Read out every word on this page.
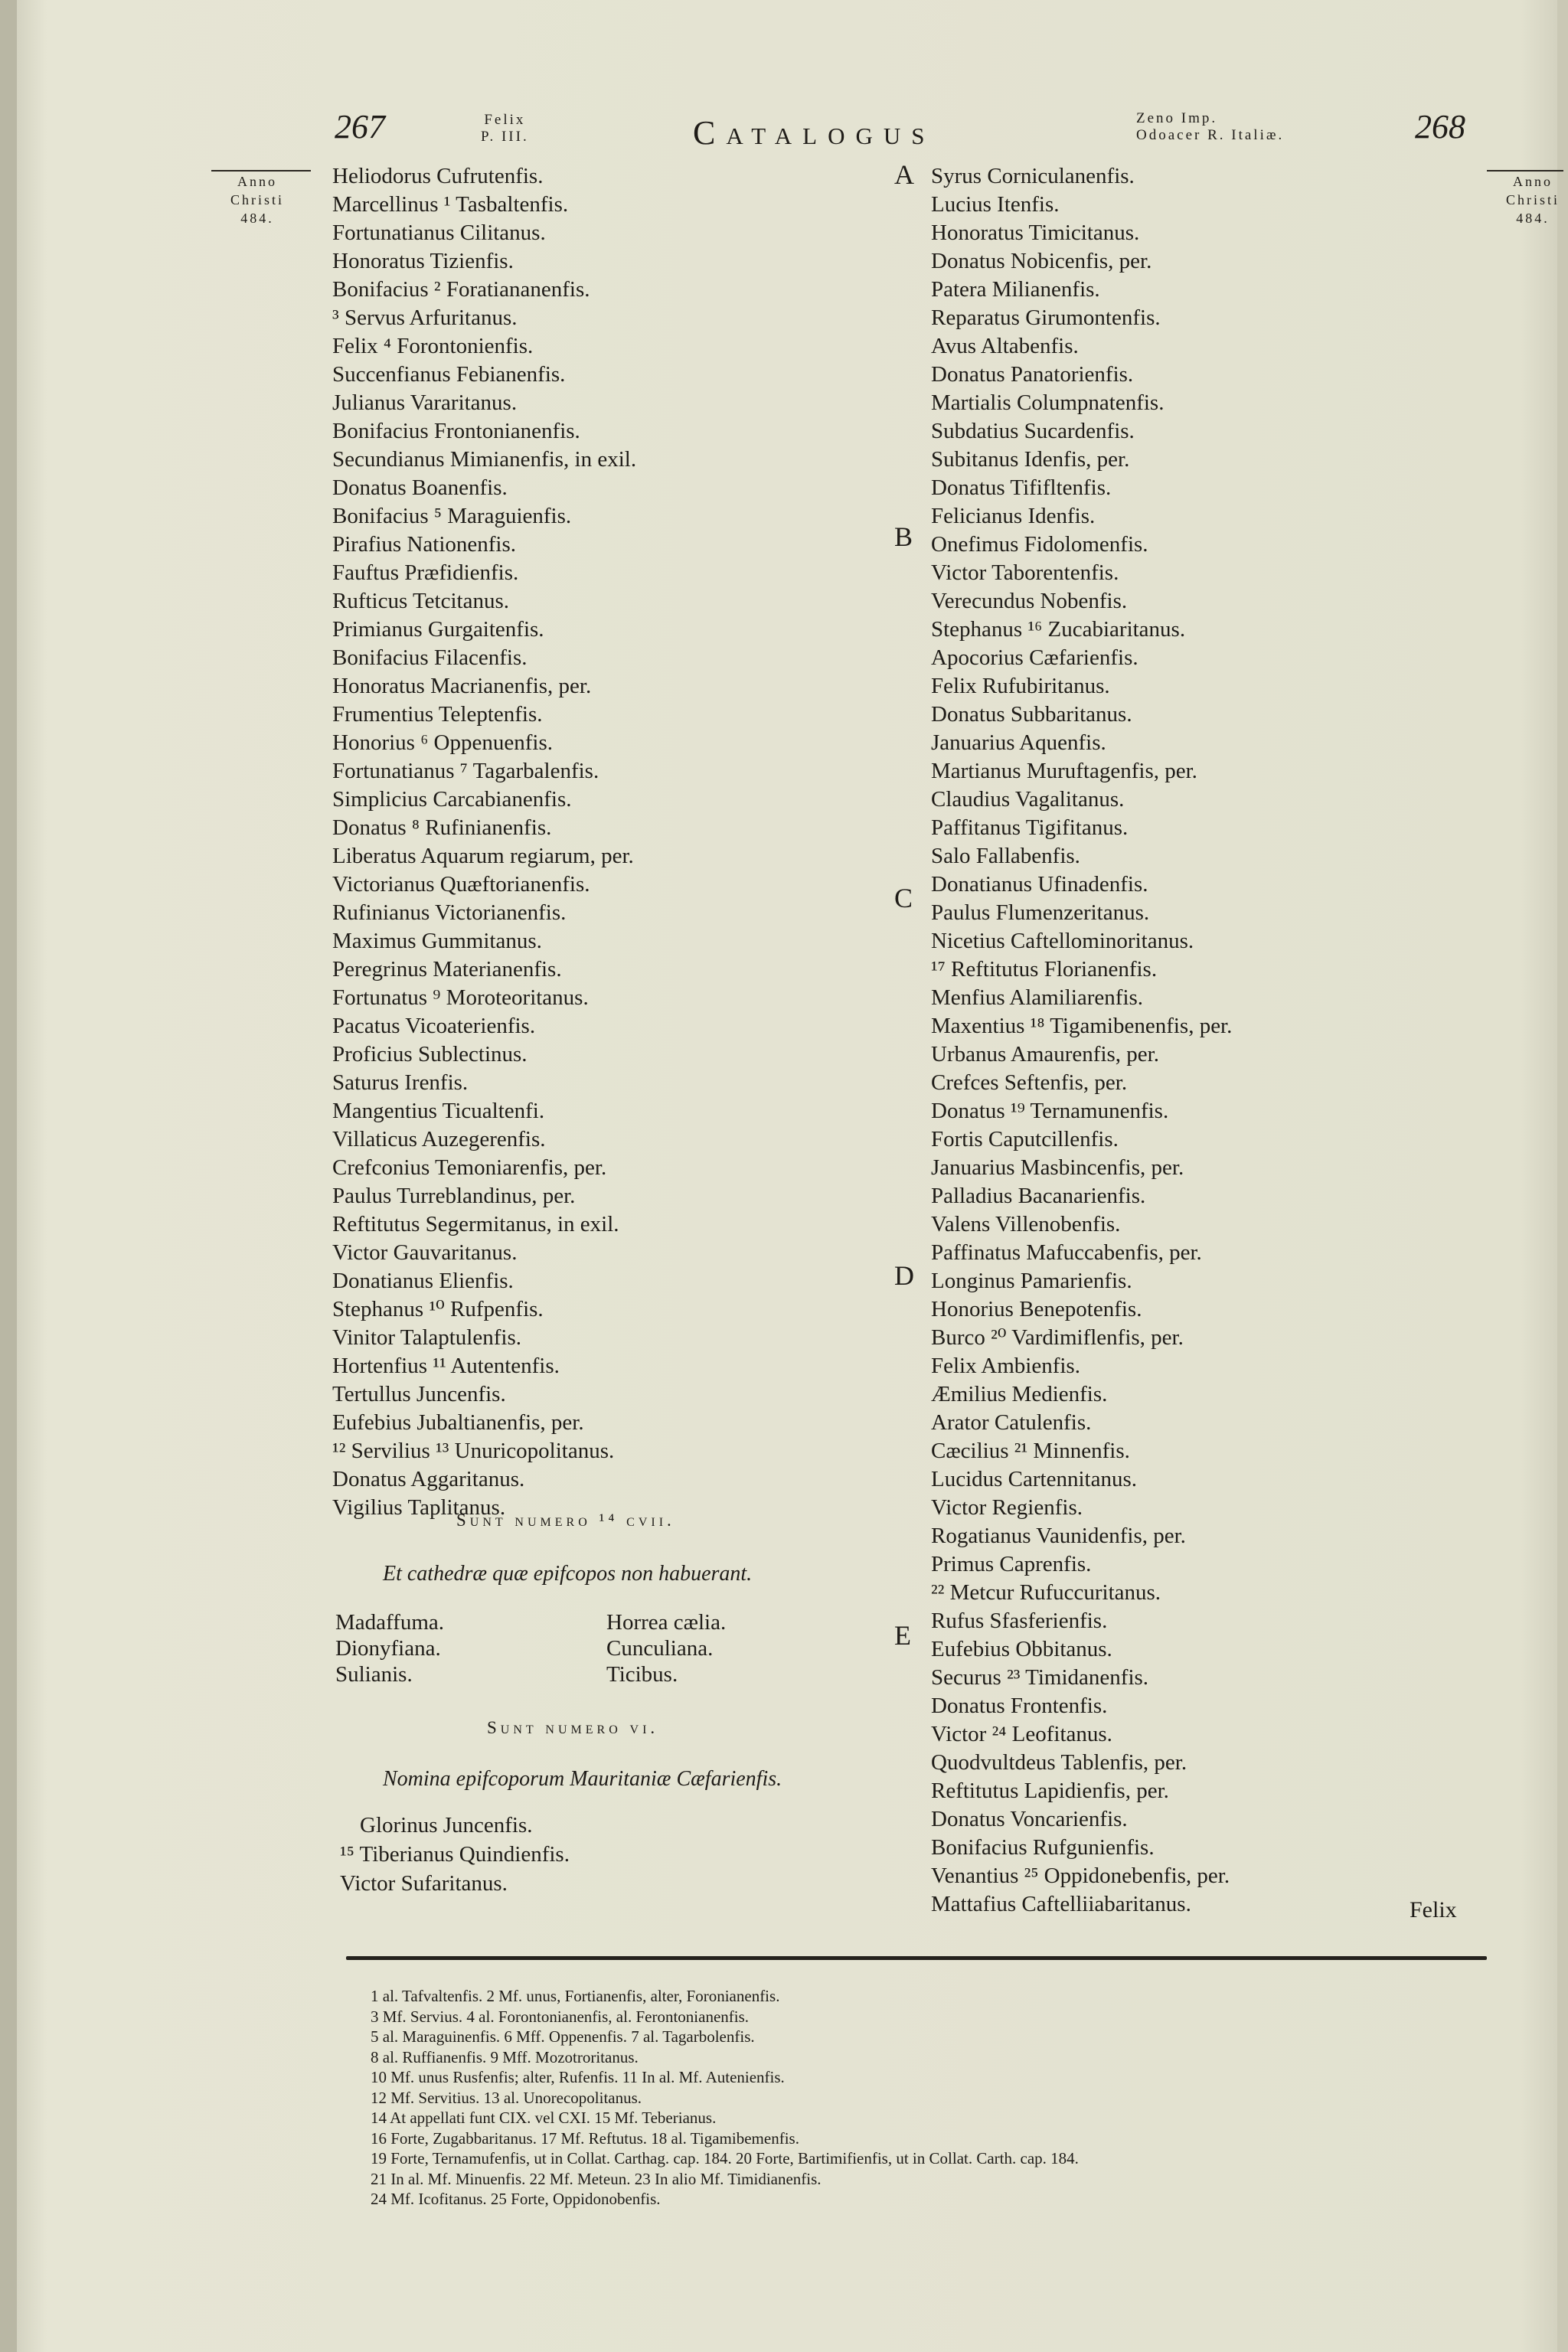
267	Felix
P. III.	Catalogus	Zeno Imp.
Odoacer R. Italiæ.	268
Anno
Christi
484.
Anno
Christi
484.
Heliodorus Cufrutenfis.
Marcellinus ¹ Tasbaltenfis.
Fortunatianus Cilitanus.
Honoratus Tizienfis.
Bonifacius ² Foratiananenfis.
³ Servus Arfuritanus.
Felix ⁴ Forontonienfis.
Succenfianus Febianenfis.
Julianus Vararitanus.
Bonifacius Frontonianenfis.
Secundianus Mimianenfis, in exil.
Donatus Boanenfis.
Bonifacius ⁵ Maraguienfis.
Pirafius Nationenfis.
Fauftus Præfidienfis.
Rufticus Tetcitanus.
Primianus Gurgaitenfis.
Bonifacius Filacenfis.
Honoratus Macrianenfis, per.
Frumentius Teleptenfis.
Honorius ⁶ Oppenuenfis.
Fortunatianus ⁷ Tagarbalenfis.
Simplicius Carcabianenfis.
Donatus ⁸ Rufinianenfis.
Liberatus Aquarum regiarum, per.
Victorianus Quæftorianenfis.
Rufinianus Victorianenfis.
Maximus Gummitanus.
Peregrinus Materianenfis.
Fortunatus ⁹ Moroteoritanus.
Pacatus Vicoaterienfis.
Proficius Sublectinus.
Saturus Irenfis.
Mangentius Ticualtenfi.
Villaticus Auzegerenfis.
Crefconius Temoniarenfis, per.
Paulus Turreblandinus, per.
Reftitutus Segermitanus, in exil.
Victor Gauvaritanus.
Donatianus Elienfis.
Stephanus ¹⁰ Rufpenfis.
Vinitor Talaptulenfis.
Hortenfius ¹¹ Autentenfis.
Tertullus Juncenfis.
Eufebius Jubaltianenfis, per.
¹² Servilius ¹³ Unuricopolitanus.
Donatus Aggaritanus.
Vigilius Taplitanus.
Sunt numero ¹⁴ cvii.
Et cathedræ quæ epifcopos non habuerant.
Madaffuma.
Dionyfiana.
Sulianis.
Horrea cælia.
Cunculiana.
Ticibus.
Sunt numero vi.
Nomina epifcoporum Mauritaniæ Cæfarienfis.
Glorinus Juncenfis.
¹⁵ Tiberianus Quindienfis.
Victor Sufaritanus.
Syrus Corniculanenfis.
Lucius Itenfis.
Honoratus Timicitanus.
Donatus Nobicenfis, per.
Patera Milianenfis.
Reparatus Girumontenfis.
Avus Altabenfis.
Donatus Panatorienfis.
Martialis Columpnatenfis.
Subdatius Sucardenfis.
Subitanus Idenfis, per.
Donatus Tififltenfis.
Felicianus Idenfis.
Onefimus Fidolomenfis.
Victor Taborentenfis.
Verecundus Nobenfis.
Stephanus ¹⁶ Zucabiaritanus.
Apocorius Cæfarienfis.
Felix Rufubiritanus.
Donatus Subbaritanus.
Januarius Aquenfis.
Martianus Muruftagenfis, per.
Claudius Vagalitanus.
Paffitanus Tigifitanus.
Salo Fallabenfis.
Donatianus Ufinadenfis.
Paulus Flumenzeritanus.
Nicetius Caftellominoritanus.
¹⁷ Reftitutus Florianenfis.
Menfius Alamiliarenfis.
Maxentius ¹⁸ Tigamibenenfis, per.
Urbanus Amaurenfis, per.
Crefces Seftenfis, per.
Donatus ¹⁹ Ternamunenfis.
Fortis Caputcillenfis.
Januarius Masbincenfis, per.
Palladius Bacanarienfis.
Valens Villenobenfis.
Paffinatus Mafuccabenfis, per.
Longinus Pamarienfis.
Honorius Benepotenfis.
Burco ²⁰ Vardimiflenfis, per.
Felix Ambienfis.
Æmilius Medienfis.
Arator Catulenfis.
Cæcilius ²¹ Minnenfis.
Lucidus Cartennitanus.
Victor Regienfis.
Rogatianus Vaunidenfis, per.
Primus Caprenfis.
²² Metcur Rufuccuritanus.
Rufus Sfasferienfis.
Eufebius Obbitanus.
Securus ²³ Timidanenfis.
Donatus Frontenfis.
Victor ²⁴ Leofitanus.
Quodvultdeus Tablenfis, per.
Reftitutus Lapidienfis, per.
Donatus Voncarienfis.
Bonifacius Rufgunienfis.
Venantius ²⁵ Oppidonebenfis, per.
Mattafius Caftelliiabaritanus.
A
B
C
D
E
Felix
1 al. Tafvaltenfis. 2 Mf. unus, Fortianenfis, alter, Foronianenfis.
3 Mf. Servius. 4 al. Forontonianenfis, al. Ferontonianenfis.
5 al. Maraguinenfis. 6 Mff. Oppenenfis. 7 al. Tagarbolenfis.
8 al. Ruffianenfis. 9 Mff. Mozotroritanus.
10 Mf. unus Rusfenfis; alter, Rufenfis. 11 In al. Mf. Autenienfis.
12 Mf. Servitius. 13 al. Unorecopolitanus.
14 At appellati funt CIX. vel CXI. 15 Mf. Teberianus.
16 Forte, Zugabbaritanus. 17 Mf. Reftutus. 18 al. Tigamibemenfis.
19 Forte, Ternamufenfis, ut in Collat. Carthag. cap. 184. 20 Forte, Bartimifienfis, ut in Collat. Carth. cap. 184.
21 In al. Mf. Minuenfis. 22 Mf. Meteun. 23 In alio Mf. Timidianenfis.
24 Mf. Icofitanus. 25 Forte, Oppidonobenfis.
